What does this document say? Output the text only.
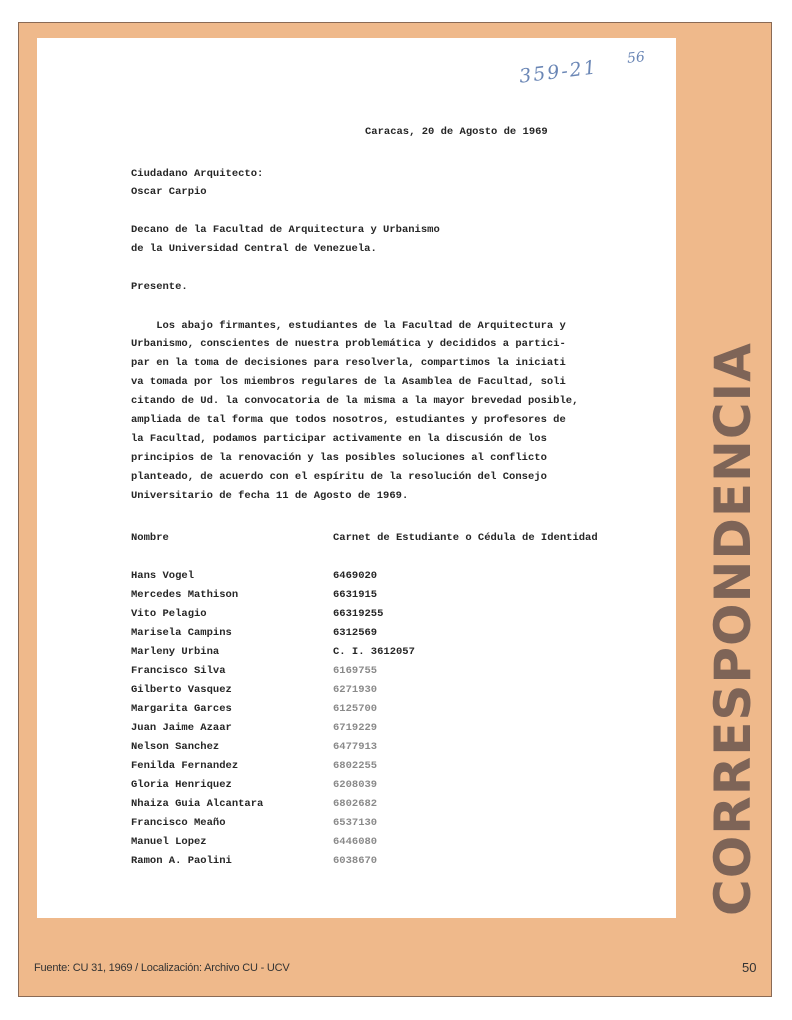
359-21 56
Caracas, 20 de Agosto de 1969
Ciudadano Arquitecto:
Oscar Carpio
Decano de la Facultad de Arquitectura y Urbanismo
de la Universidad Central de Venezuela.
Presente.
Los abajo firmantes, estudiantes de la Facultad de Arquitectura y
Urbanismo, conscientes de nuestra problemática y decididos a partici-
par en la toma de decisiones para resolverla, compartimos la iniciati
va tomada por los miembros regulares de la Asamblea de Facultad, soli
citando de Ud. la convocatoria de la misma a la mayor brevedad posible,
ampliada de tal forma que todos nosotros, estudiantes y profesores de
la Facultad, podamos participar activamente en la discusión de los
principios de la renovación y las posibles soluciones al conflicto
planteado, de acuerdo con el espíritu de la resolución del Consejo
Universitario de fecha 11 de Agosto de 1969.
Nombre	Carnet de Estudiante o Cédula de Identidad
Hans Vogel	6469020
Mercedes Mathison	6631915
Vito Pelagio	66319255
Marisela Campins	6312569
Marleny Urbina	C. I. 3612057
Francisco Silva	6169755
Gilberto Vasquez	6271930
Margarita Garces	6125700
Juan Jaime Azaar	6719229
Nelson Sanchez	6477913
Fenilda Fernandez	6802255
Gloria Henriquez	6208039
Nhaiza Guia Alcantara	6802682
Francisco Meaño	6537130
Manuel Lopez	6446080
Ramon A. Paolini	6038670	CORRESPONDENCIA
Fuente: CU 31, 1969 / Localización: Archivo CU - UCV	50
